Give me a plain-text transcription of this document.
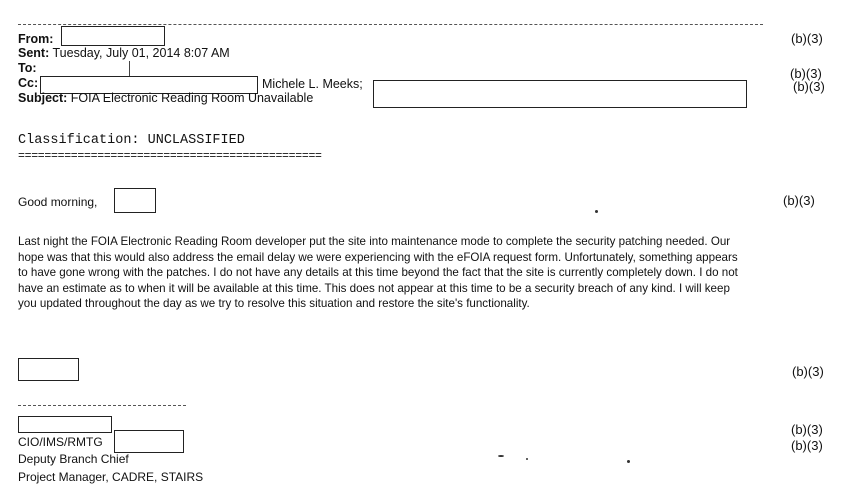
From:
Sent: Tuesday, July 01, 2014 8:07 AM
To:
Cc:	Michele L. Meeks;
Subject: FOIA Electronic Reading Room Unavailable
(b)(3)
(b)(3)
(b)(3)
Classification: UNCLASSIFIED
==============================================
Good morning,	(b)(3)
Last night the FOIA Electronic Reading Room developer put the site into maintenance mode to complete the security patching needed. Our hope was that this would also address the email delay we were experiencing with the eFOIA request form. Unfortunately, something appears to have gone wrong with the patches. I do not have any details at this time beyond the fact that the site is currently completely down. I do not have an estimate as to when it will be available at this time. This does not appear at this time to be a security breach of any kind. I will keep you updated throughout the day as we try to resolve this situation and restore the site's functionality.
(b)(3)
CIO/IMS/RMTG
Deputy Branch Chief
Project Manager, CADRE, STAIRS
(b)(3)
(b)(3)
